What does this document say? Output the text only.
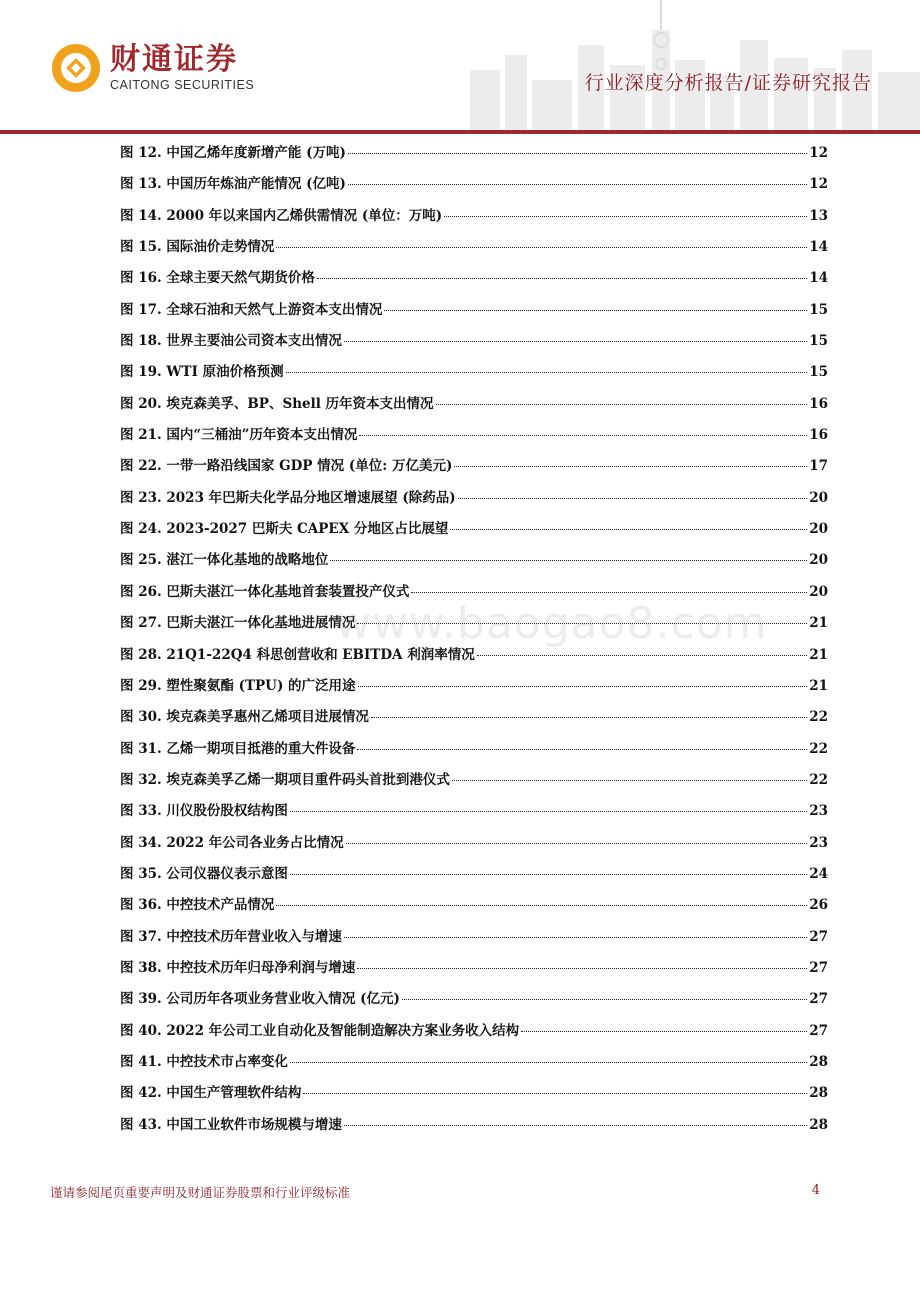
财通证券
CAITONG SECURITIES	行业深度分析报告/证券研究报告
图 12. 中国乙烯年度新增产能 (万吨)	12
图 13. 中国历年炼油产能情况 (亿吨)	12
图 14. 2000 年以来国内乙烯供需情况 (单位：万吨)	13
图 15. 国际油价走势情况	14
图 16. 全球主要天然气期货价格	14
图 17. 全球石油和天然气上游资本支出情况	15
图 18. 世界主要油公司资本支出情况	15
图 19. WTI 原油价格预测	15
图 20. 埃克森美孚、BP、Shell 历年资本支出情况	16
图 21. 国内“三桶油”历年资本支出情况	16
图 22. 一带一路沿线国家 GDP 情况 (单位: 万亿美元)	17
图 23. 2023 年巴斯夫化学品分地区增速展望 (除药品)	20
图 24. 2023-2027 巴斯夫 CAPEX 分地区占比展望	20
图 25. 湛江一体化基地的战略地位	20
图 26. 巴斯夫湛江一体化基地首套装置投产仪式	20
图 27. 巴斯夫湛江一体化基地进展情况	21
图 28. 21Q1-22Q4 科思创营收和 EBITDA 利润率情况	21
图 29. 塑性聚氨酯 (TPU) 的广泛用途	21
图 30. 埃克森美孚惠州乙烯项目进展情况	22
图 31. 乙烯一期项目抵港的重大件设备	22
图 32. 埃克森美孚乙烯一期项目重件码头首批到港仪式	22
图 33. 川仪股份股权结构图	23
图 34. 2022 年公司各业务占比情况	23
图 35. 公司仪器仪表示意图	24
图 36. 中控技术产品情况	26
图 37. 中控技术历年营业收入与增速	27
图 38. 中控技术历年归母净利润与增速	27
图 39. 公司历年各项业务营业收入情况 (亿元)	27
图 40. 2022 年公司工业自动化及智能制造解决方案业务收入结构	27
图 41. 中控技术市占率变化	28
图 42. 中国生产管理软件结构	28
图 43. 中国工业软件市场规模与增速	28
www.baogao8.com
谨请参阅尾页重要声明及财通证券股票和行业评级标准	4
